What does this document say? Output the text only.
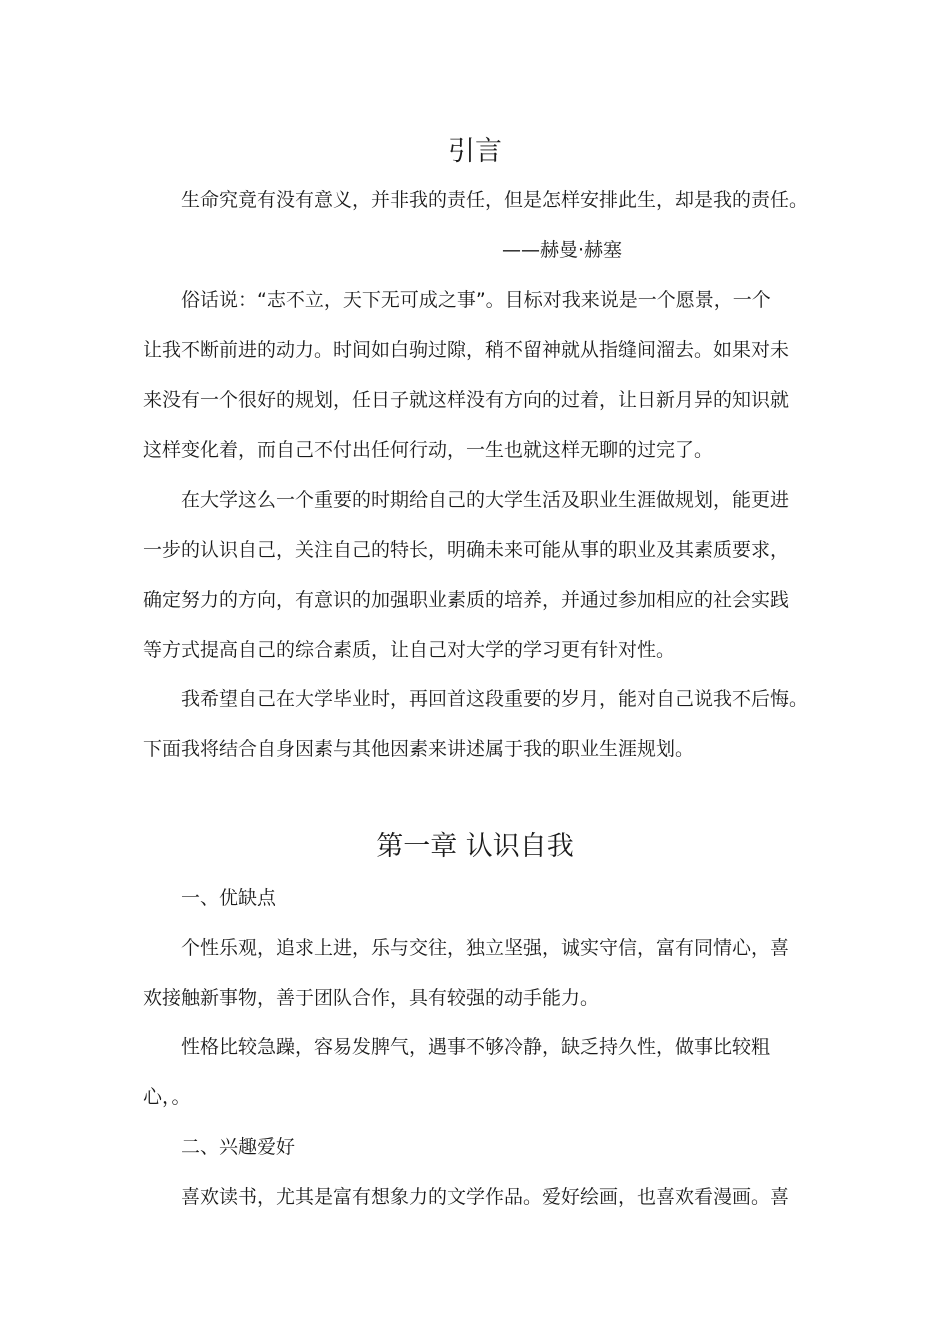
引言

生命究竟有没有意义，并非我的责任，但是怎样安排此生，却是我的责任。

——赫曼·赫塞

俗话说：“志不立，天下无可成之事”。目标对我来说是一个愿景，一个

让我不断前进的动力。时间如白驹过隙，稍不留神就从指缝间溜去。如果对未

来没有一个很好的规划，任日子就这样没有方向的过着，让日新月异的知识就

这样变化着，而自己不付出任何行动，一生也就这样无聊的过完了。

在大学这么一个重要的时期给自己的大学生活及职业生涯做规划，能更进

一步的认识自己，关注自己的特长，明确未来可能从事的职业及其素质要求，

确定努力的方向，有意识的加强职业素质的培养，并通过参加相应的社会实践

等方式提高自己的综合素质，让自己对大学的学习更有针对性。

我希望自己在大学毕业时，再回首这段重要的岁月，能对自己说我不后悔。

下面我将结合自身因素与其他因素来讲述属于我的职业生涯规划。

第一章 认识自我

一、优缺点

个性乐观，追求上进，乐与交往，独立坚强，诚实守信，富有同情心，喜

欢接触新事物，善于团队合作，具有较强的动手能力。

性格比较急躁，容易发脾气，遇事不够冷静，缺乏持久性，做事比较粗

心，。

二、兴趣爱好

喜欢读书，尤其是富有想象力的文学作品。爱好绘画，也喜欢看漫画。喜
